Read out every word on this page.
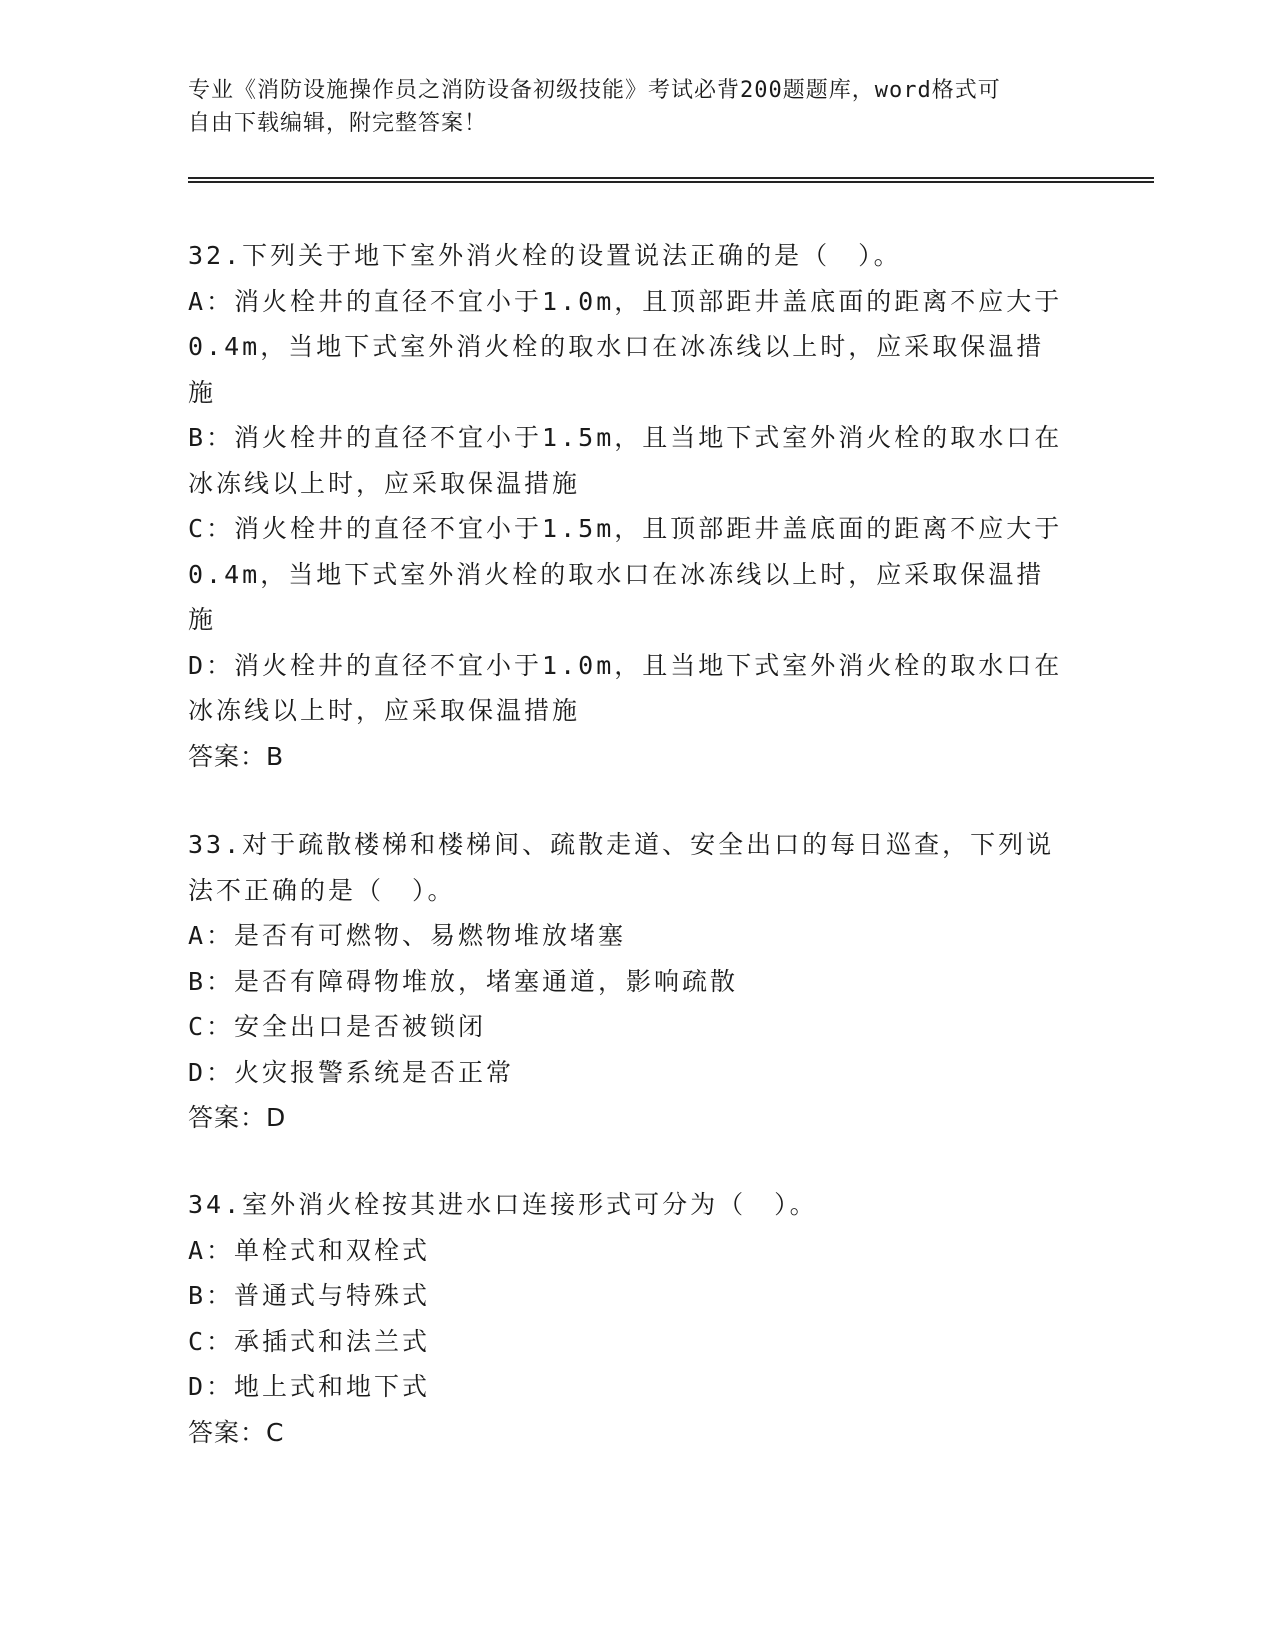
专业《消防设施操作员之消防设备初级技能》考试必背200题题库，word格式可
自由下载编辑，附完整答案！
32.下列关于地下室外消火栓的设置说法正确的是（　）。
A：消火栓井的直径不宜小于1.0m，且顶部距井盖底面的距离不应大于
0.4m，当地下式室外消火栓的取水口在冰冻线以上时，应采取保温措
施
B：消火栓井的直径不宜小于1.5m，且当地下式室外消火栓的取水口在
冰冻线以上时，应采取保温措施
C：消火栓井的直径不宜小于1.5m，且顶部距井盖底面的距离不应大于
0.4m，当地下式室外消火栓的取水口在冰冻线以上时，应采取保温措
施
D：消火栓井的直径不宜小于1.0m，且当地下式室外消火栓的取水口在
冰冻线以上时，应采取保温措施
答案：B
33.对于疏散楼梯和楼梯间、疏散走道、安全出口的每日巡查，下列说
法不正确的是（　）。
A：是否有可燃物、易燃物堆放堵塞
B：是否有障碍物堆放，堵塞通道，影响疏散
C：安全出口是否被锁闭
D：火灾报警系统是否正常
答案：D
34.室外消火栓按其进水口连接形式可分为（　）。
A：单栓式和双栓式
B：普通式与特殊式
C：承插式和法兰式
D：地上式和地下式
答案：C
